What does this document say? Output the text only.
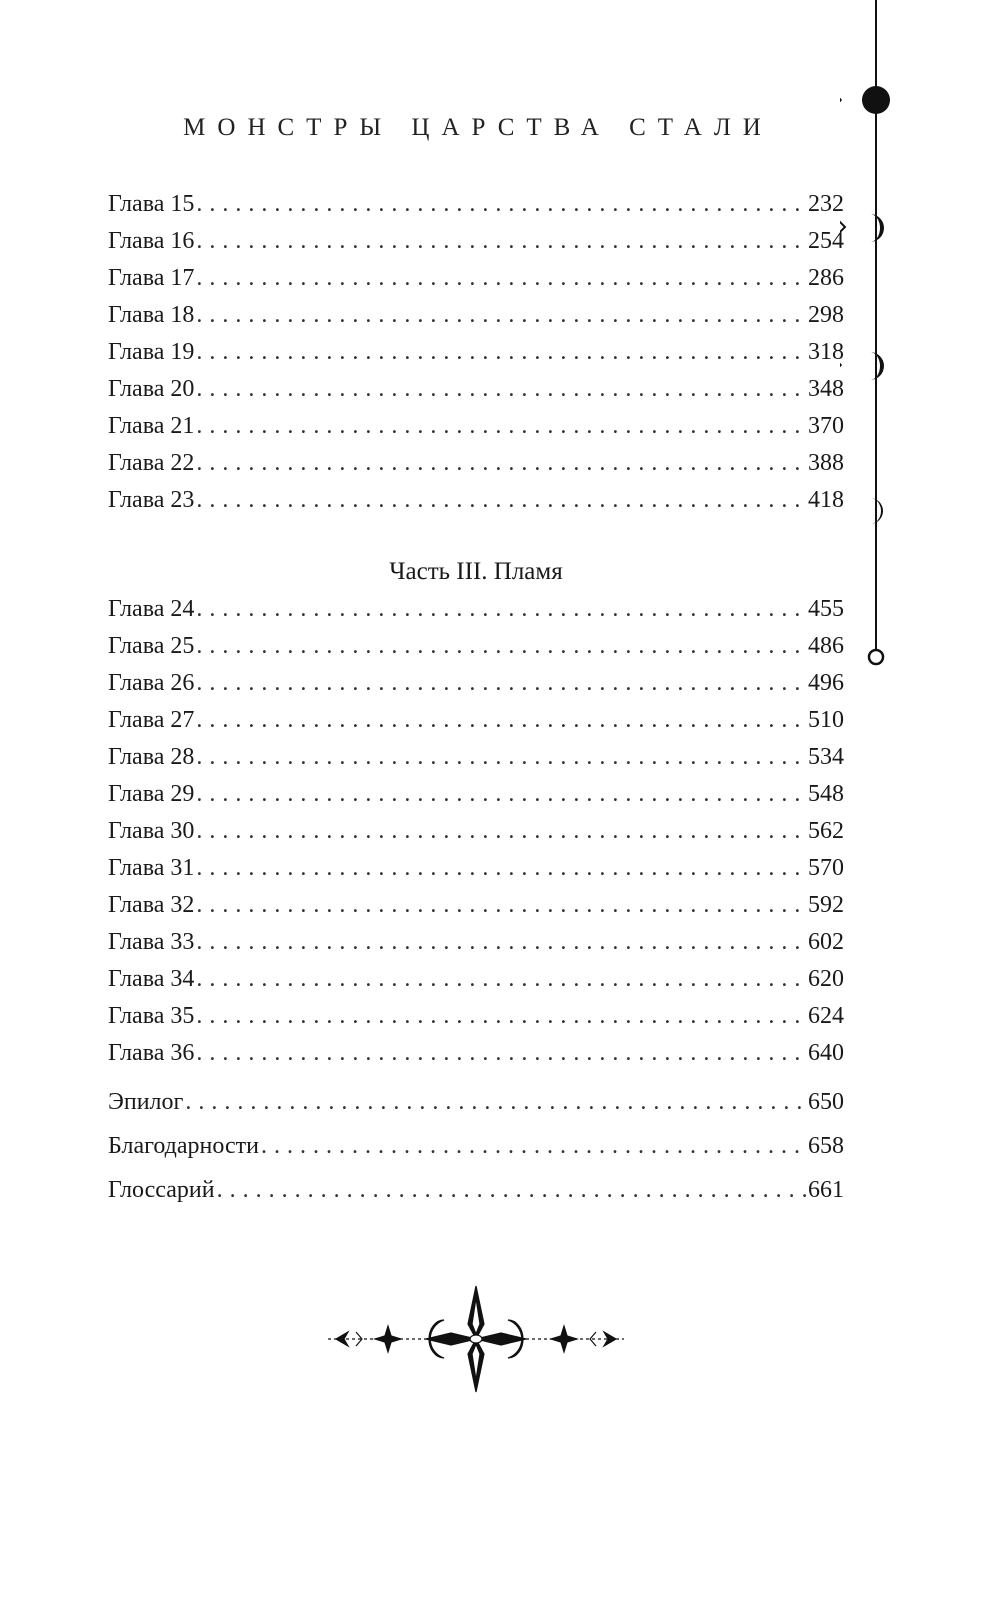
МОНСТРЫ ЦАРСТВА СТАЛИ
Глава 15 . . .	232
Глава 16 . . .	254
Глава 17 . . .	286
Глава 18 . . .	298
Глава 19 . . .	318
Глава 20 . . .	348
Глава 21 . . .	370
Глава 22 . . .	388
Глава 23 . . .	418
Часть III. Пламя
Глава 24 . . .	455
Глава 25 . . .	486
Глава 26 . . .	496
Глава 27 . . .	510
Глава 28 . . .	534
Глава 29 . . .	548
Глава 30 . . .	562
Глава 31 . . .	570
Глава 32 . . .	592
Глава 33 . . .	602
Глава 34 . . .	620
Глава 35 . . .	624
Глава 36 . . .	640
Эпилог . . .	650
Благодарности . . .	658
Глоссарий . . .	661
